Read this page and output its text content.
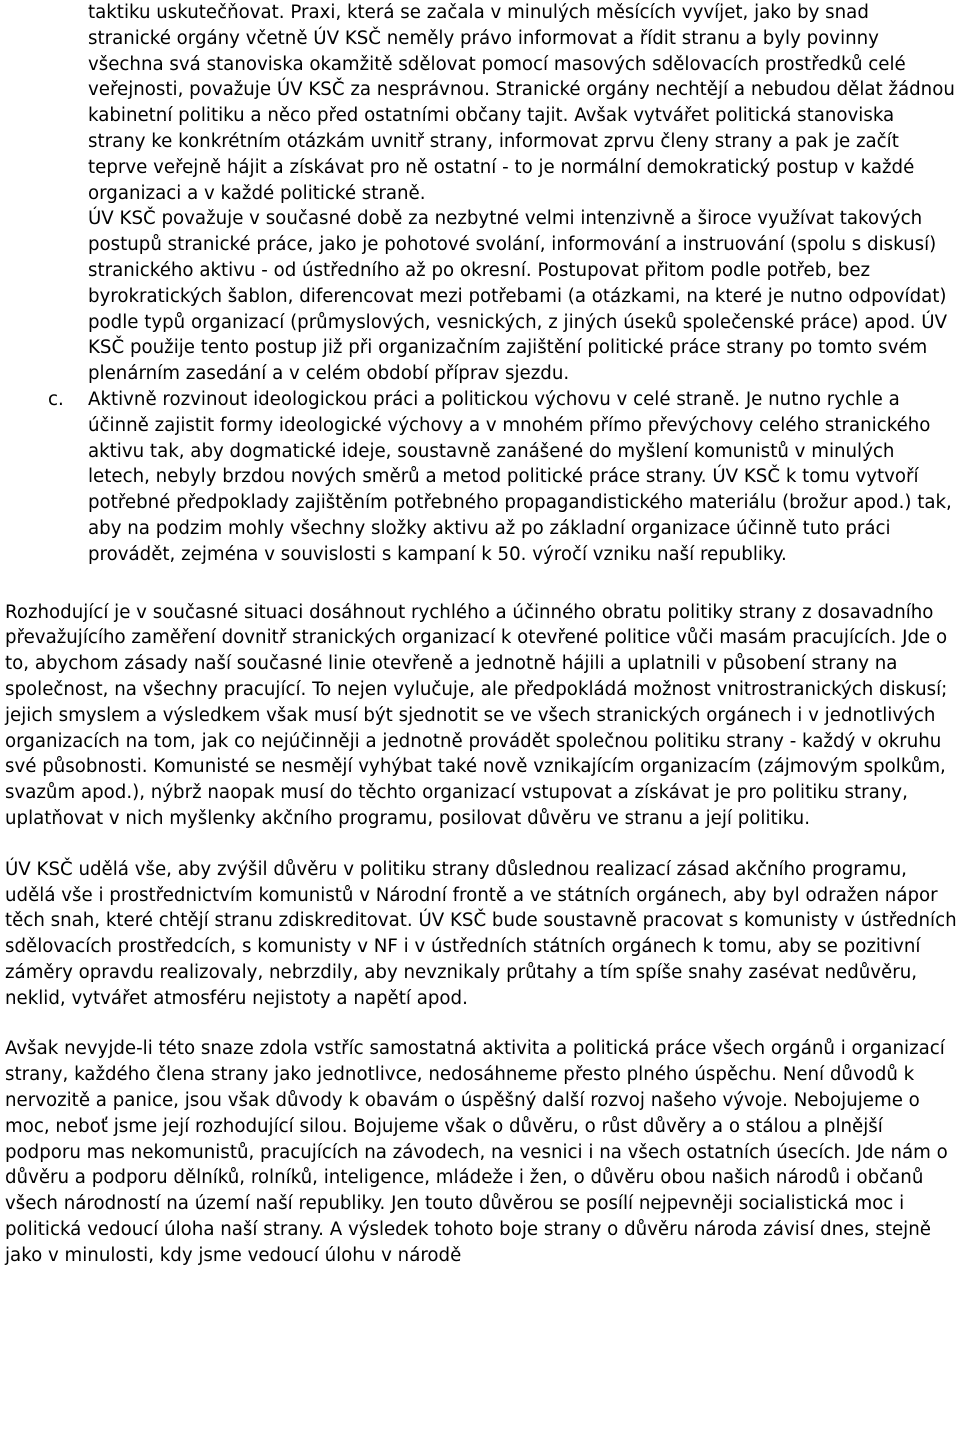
taktiku uskutečňovat. Praxi, která se začala v minulých měsících vyvíjet, jako by snad stranické orgány včetně ÚV KSČ neměly právo informovat a řídit stranu a byly povinny všechna svá stanoviska okamžitě sdělovat pomocí masových sdělovacích prostředků celé veřejnosti, považuje ÚV KSČ za nesprávnou. Stranické orgány nechtějí a nebudou dělat žádnou kabinetní politiku a něco před ostatními občany tajit. Avšak vytvářet politická stanoviska strany ke konkrétním otázkám uvnitř strany, informovat zprvu členy strany a pak je začít teprve veřejně hájit a získávat pro ně ostatní - to je normální demokratický postup v každé organizaci a v každé politické straně.

ÚV KSČ považuje v současné době za nezbytné velmi intenzivně a široce využívat takových postupů stranické práce, jako je pohotové svolání, informování a instruování (spolu s diskusí) stranického aktivu - od ústředního až po okresní. Postupovat přitom podle potřeb, bez byrokratických šablon, diferencovat mezi potřebami (a otázkami, na které je nutno odpovídat) podle typů organizací (průmyslových, vesnických, z jiných úseků společenské práce) apod. ÚV KSČ použije tento postup již při organizačním zajištění politické práce strany po tomto svém plenárním zasedání a v celém období příprav sjezdu.

c. Aktivně rozvinout ideologickou práci a politickou výchovu v celé straně. Je nutno rychle a účinně zajistit formy ideologické výchovy a v mnohém přímo převýchovy celého stranického aktivu tak, aby dogmatické ideje, soustavně zanášené do myšlení komunistů v minulých letech, nebyly brzdou nových směrů a metod politické práce strany. ÚV KSČ k tomu vytvoří potřebné předpoklady zajištěním potřebného propagandistického materiálu (brožur apod.) tak, aby na podzim mohly všechny složky aktivu až po základní organizace účinně tuto práci provádět, zejména v souvislosti s kampaní k 50. výročí vzniku naší republiky.

Rozhodující je v současné situaci dosáhnout rychlého a účinného obratu politiky strany z dosavadního převažujícího zaměření dovnitř stranických organizací k otevřené politice vůči masám pracujících. Jde o to, abychom zásady naší současné linie otevřeně a jednotně hájili a uplatnili v působení strany na společnost, na všechny pracující. To nejen vylučuje, ale předpokládá možnost vnitrostranických diskusí; jejich smyslem a výsledkem však musí být sjednotit se ve všech stranických orgánech i v jednotlivých organizacích na tom, jak co nejúčinněji a jednotně provádět společnou politiku strany - každý v okruhu své působnosti. Komunisté se nesmějí vyhýbat také nově vznikajícím organizacím (zájmovým spolkům, svazům apod.), nýbrž naopak musí do těchto organizací vstupovat a získávat je pro politiku strany, uplatňovat v nich myšlenky akčního programu, posilovat důvěru ve stranu a její politiku.

ÚV KSČ udělá vše, aby zvýšil důvěru v politiku strany důslednou realizací zásad akčního programu, udělá vše i prostřednictvím komunistů v Národní frontě a ve státních orgánech, aby byl odražen nápor těch snah, které chtějí stranu zdiskreditovat. ÚV KSČ bude soustavně pracovat s komunisty v ústředních sdělovacích prostředcích, s komunisty v NF i v ústředních státních orgánech k tomu, aby se pozitivní záměry opravdu realizovaly, nebrzdily, aby nevznikaly průtahy a tím spíše snahy zasévat nedůvěru, neklid, vytvářet atmosféru nejistoty a napětí apod.

Avšak nevyjde-li této snaze zdola vstříc samostatná aktivita a politická práce všech orgánů i organizací strany, každého člena strany jako jednotlivce, nedosáhneme přesto plného úspěchu. Není důvodů k nervozitě a panice, jsou však důvody k obavám o úspěšný další rozvoj našeho vývoje. Nebojujeme o moc, neboť jsme její rozhodující silou. Bojujeme však o důvěru, o růst důvěry a o stálou a plnější podporu mas nekomunistů, pracujících na závodech, na vesnici i na všech ostatních úsecích. Jde nám o důvěru a podporu dělníků, rolníků, inteligence, mládeže i žen, o důvěru obou našich národů i občanů všech národností na území naší republiky. Jen touto důvěrou se posílí nejpevněji socialistická moc i politická vedoucí úloha naší strany. A výsledek tohoto boje strany o důvěru národa závisí dnes, stejně jako v minulosti, kdy jsme vedoucí úlohu v národě
